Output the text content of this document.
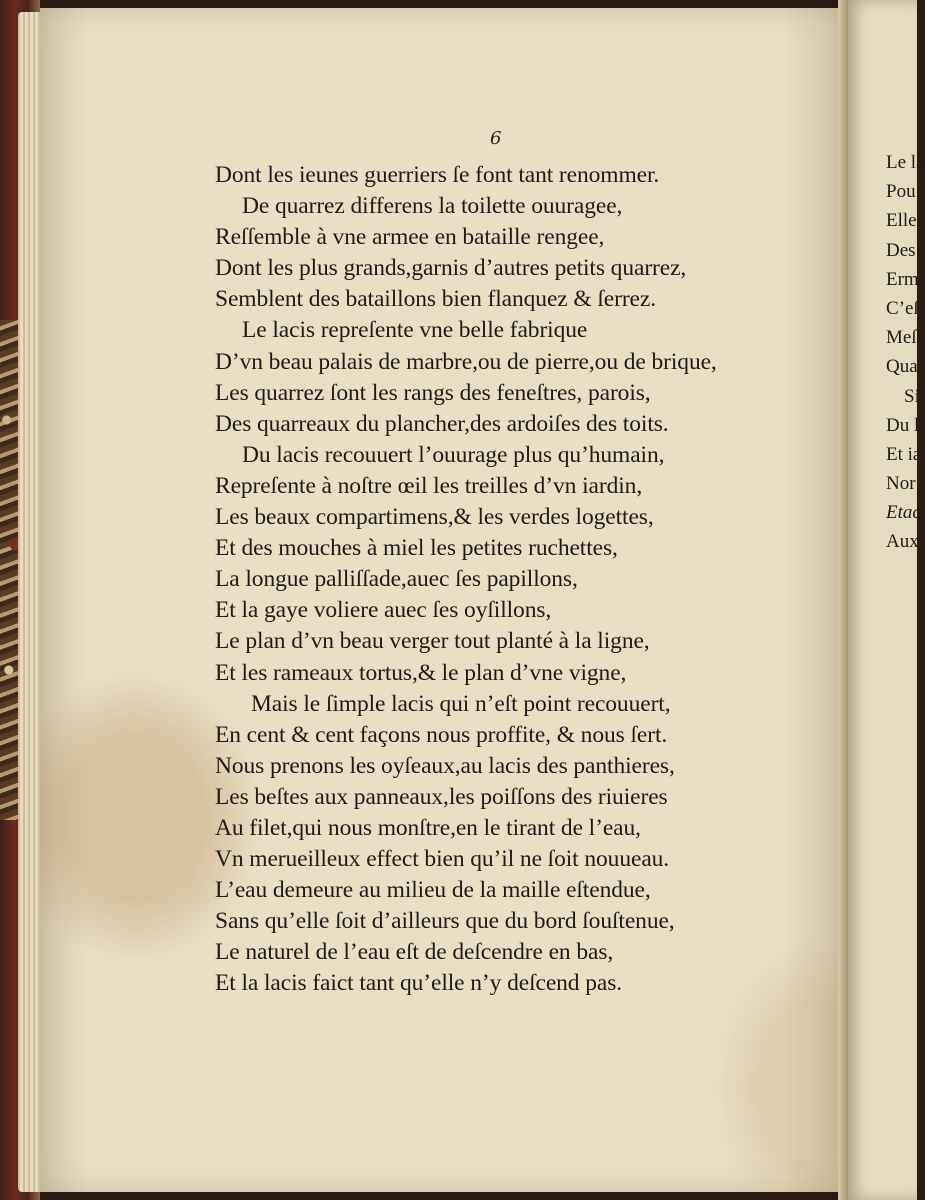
6
Dont les ieunes guerriers ſe font tant renommer.
De quarrez differens la toilette ouuragee,
Reſſemble à vne armee en bataille rengee,
Dont les plus grands,garnis d’autres petits quarrez,
Semblent des bataillons bien flanquez & ſerrez.
Le lacis repreſente vne belle fabrique
D’vn beau palais de marbre,ou de pierre,ou de brique,
Les quarrez ſont les rangs des feneſtres, parois,
Des quarreaux du plancher,des ardoiſes des toits.
Du lacis recouuert l’ouurage plus qu’humain,
Repreſente à noſtre œil les treilles d’vn iardin,
Les beaux compartimens,& les verdes logettes,
Et des mouches à miel les petites ruchettes,
La longue palliſſade,auec ſes papillons,
Et la gaye voliere auec ſes oyſillons,
Le plan d’vn beau verger tout planté à la ligne,
Et les rameaux tortus,& le plan d’vne vigne,
Mais le ſimple lacis qui n’eſt point recouuert,
En cent & cent façons nous proffite, & nous ſert.
Nous prenons les oyſeaux,au lacis des panthieres,
Les beſtes aux panneaux,les poiſſons des riuieres
Au filet,qui nous monſtre,en le tirant de l’eau,
Vn merueilleux effect bien qu’il ne ſoit nouueau.
L’eau demeure au milieu de la maille eſtendue,
Sans qu’elle ſoit d’ailleurs que du bord ſouſtenue,
Le naturel de l’eau eſt de deſcendre en bas,
Et la lacis faict tant qu’elle n’y deſcend pas.
Le la
Pou
Elle
Des
Erm
C’eſ
Meſ
Qua
Si
Du l
Et ia
Nor
Etac
Aux
